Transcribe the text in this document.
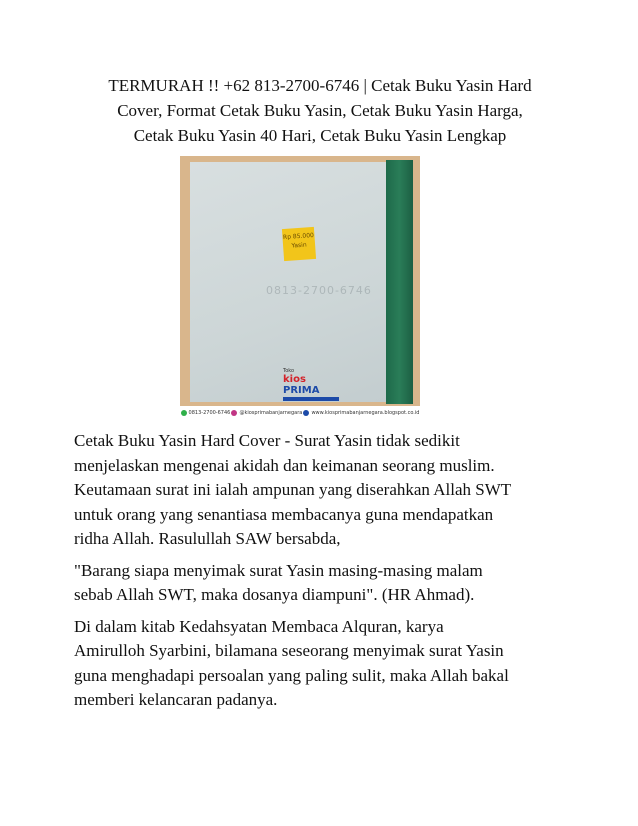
TERMURAH !! +62 813-2700-6746 | Cetak Buku Yasin Hard
Cover, Format Cetak Buku Yasin, Cetak Buku Yasin Harga,
Cetak Buku Yasin 40 Hari, Cetak Buku Yasin Lengkap
Rp 85.000
Yasin
0813-2700-6746
Toko
kios PRIMA
0813-2700-6746 @kiosprimabanjarnegara www.kiosprimabanjarnegara.blogspot.co.id

Cetak Buku Yasin Hard Cover - Surat Yasin tidak sedikit
menjelaskan mengenai akidah dan keimanan seorang muslim.
Keutamaan surat ini ialah ampunan yang diserahkan Allah SWT
untuk orang yang senantiasa membacanya guna mendapatkan
ridha Allah. Rasulullah SAW bersabda,

"Barang siapa menyimak surat Yasin masing-masing malam
sebab Allah SWT, maka dosanya diampuni". (HR Ahmad).

Di dalam kitab Kedahsyatan Membaca Alquran, karya
Amirulloh Syarbini, bilamana seseorang menyimak surat Yasin
guna menghadapi persoalan yang paling sulit, maka Allah bakal
memberi kelancaran padanya.
